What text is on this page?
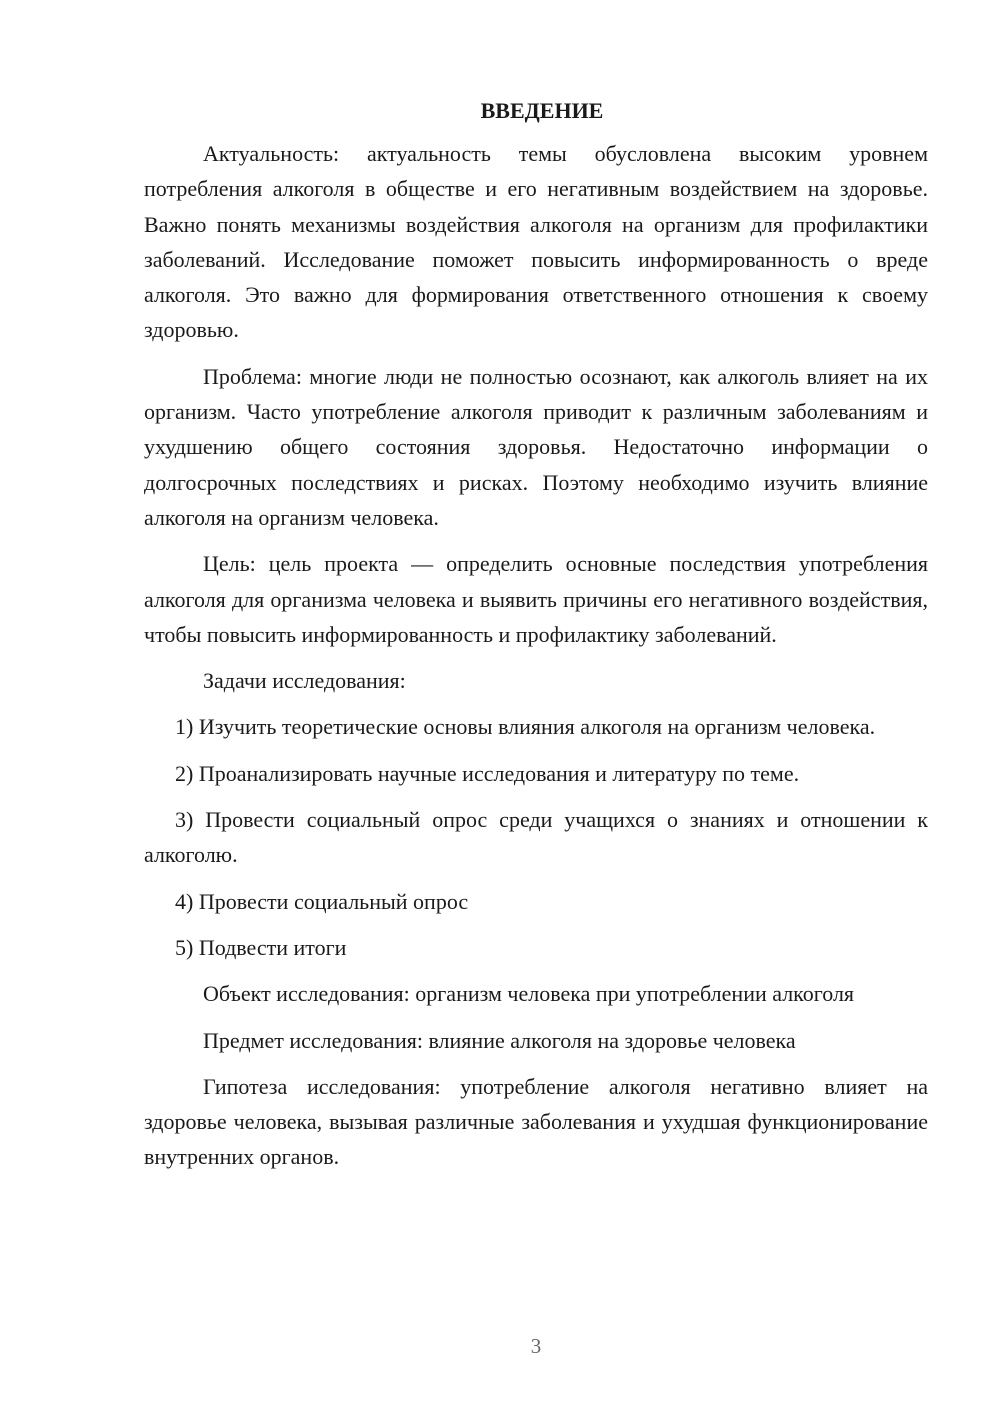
ВВЕДЕНИЕ

Актуальность: актуальность темы обусловлена высоким уровнем потребления алкоголя в обществе и его негативным воздействием на здоровье. Важно понять механизмы воздействия алкоголя на организм для профилактики заболеваний. Исследование поможет повысить информированность о вреде алкоголя. Это важно для формирования ответственного отношения к своему здоровью.

Проблема: многие люди не полностью осознают, как алкоголь влияет на их организм. Часто употребление алкоголя приводит к различным заболеваниям и ухудшению общего состояния здоровья. Недостаточно информации о долгосрочных последствиях и рисках. Поэтому необходимо изучить влияние алкоголя на организм человека.

Цель: цель проекта — определить основные последствия употребления алкоголя для организма человека и выявить причины его негативного воздействия, чтобы повысить информированность и профилактику заболеваний.

Задачи исследования:

1) Изучить теоретические основы влияния алкоголя на организм человека.

2) Проанализировать научные исследования и литературу по теме.

3) Провести социальный опрос среди учащихся о знаниях и отношении к алкоголю.

4) Провести социальный опрос

5) Подвести итоги

Объект исследования: организм человека при употреблении алкоголя

Предмет исследования: влияние алкоголя на здоровье человека

Гипотеза исследования: употребление алкоголя негативно влияет на здоровье человека, вызывая различные заболевания и ухудшая функционирование внутренних органов.

3
